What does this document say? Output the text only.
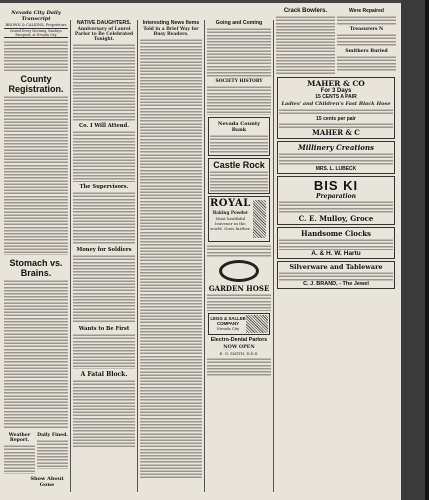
Nevada City Daily Transcript
BROWN & CALKINS, Proprietors
Issued Every Morning, Sundays Excepted, at Nevada City
County Registration.
Stomach vs. Brains.
Weather Report.
Daily Fined.
Show About Gone
NATIVE DAUGHTERS.
Anniversary of Laurel Parlor to Be Celebrated Tonight.
Co. I Will Attend.
The Supervisors.
Money for Soldiers
Wants to Be First
A Fatal Block.
Interesting News Items
Told in a Brief Way for Busy Readers.
Going and Coming
SOCIETY HISTORY
Nevada County Bank
Castle Rock
ROYAL
Baking Powder
Most healthful leavener in the world. Goes farther.
GARDEN HOSE
LEGG & SALLEE
COMPANY
Nevada City
Electro-Dental Parlors
NOW OPEN
E. G. SMITH, D.D.S.
Crack Bowlers.	Were Repaired
Treasurers N
Smithers Buried
MAHER & CO
For 3 Days
15 CENTS A PAIR
Ladies' and Children's Fast Black Hose
15 cents per pair
MAHER & C
Millinery Creations
MRS. L. LUBECK
BIS KI
Preparation
C. E. Mulloy, Groce
Handsome Clocks
A. & H. W. Hartu
Silverware and Tableware
C. J. BRAND, - The Jewel
